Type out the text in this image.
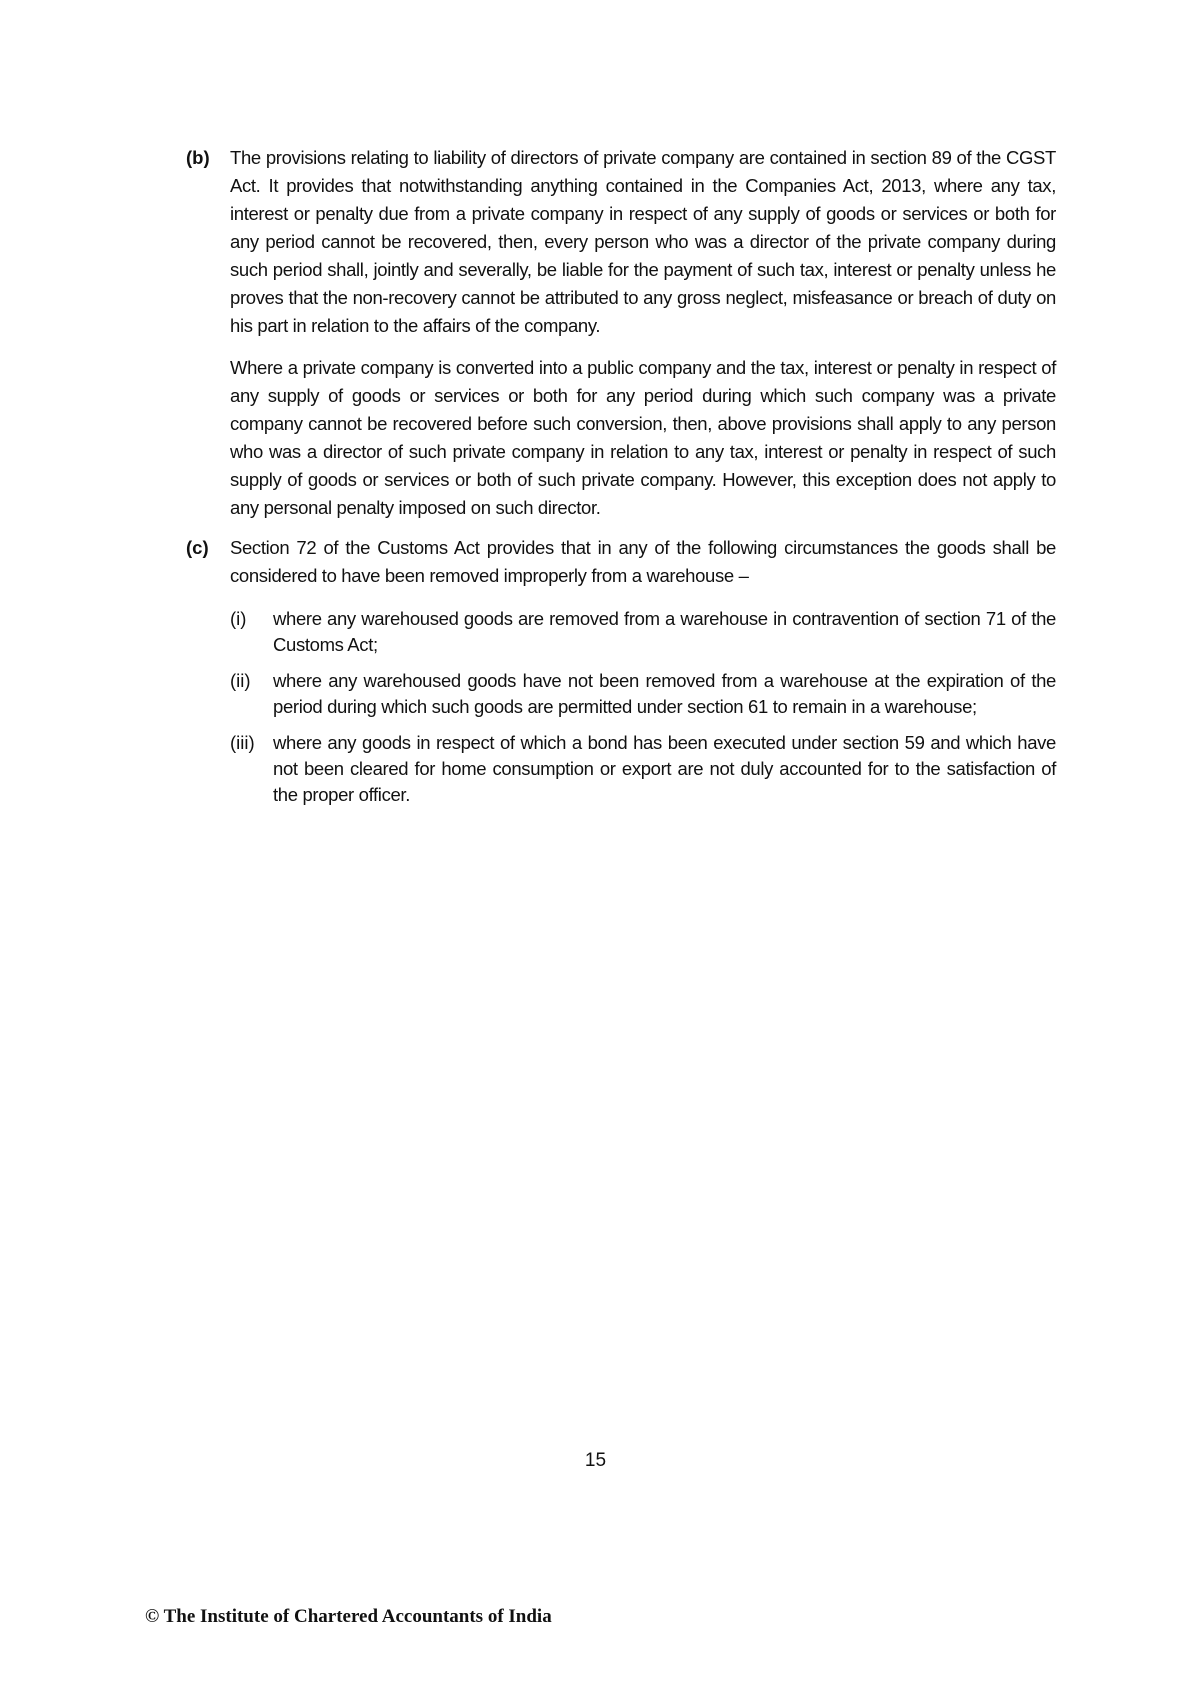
(b)	The provisions relating to liability of directors of private company are contained in section 89 of the CGST Act. It provides that notwithstanding anything contained in the Companies Act, 2013, where any tax, interest or penalty due from a private company in respect of any supply of goods or services or both for any period cannot be recovered, then, every person who was a director of the private company during such period shall, jointly and severally, be liable for the payment of such tax, interest or penalty unless he proves that the non-recovery cannot be attributed to any gross neglect, misfeasance or breach of duty on his part in relation to the affairs of the company.

Where a private company is converted into a public company and the tax, interest or penalty in respect of any supply of goods or services or both for any period during which such company was a private company cannot be recovered before such conversion, then, above provisions shall apply to any person who was a director of such private company in relation to any tax, interest or penalty in respect of such supply of goods or services or both of such private company. However, this exception does not apply to any personal penalty imposed on such director.

(c)	Section 72 of the Customs Act provides that in any of the following circumstances the goods shall be considered to have been removed improperly from a warehouse –

(i)	where any warehoused goods are removed from a warehouse in contravention of section 71 of the Customs Act;

(ii)	where any warehoused goods have not been removed from a warehouse at the expiration of the period during which such goods are permitted under section 61 to remain in a warehouse;

(iii) where any goods in respect of which a bond has been executed under section 59 and which have not been cleared for home consumption or export are not duly accounted for to the satisfaction of the proper officer.

15
© The Institute of Chartered Accountants of India
